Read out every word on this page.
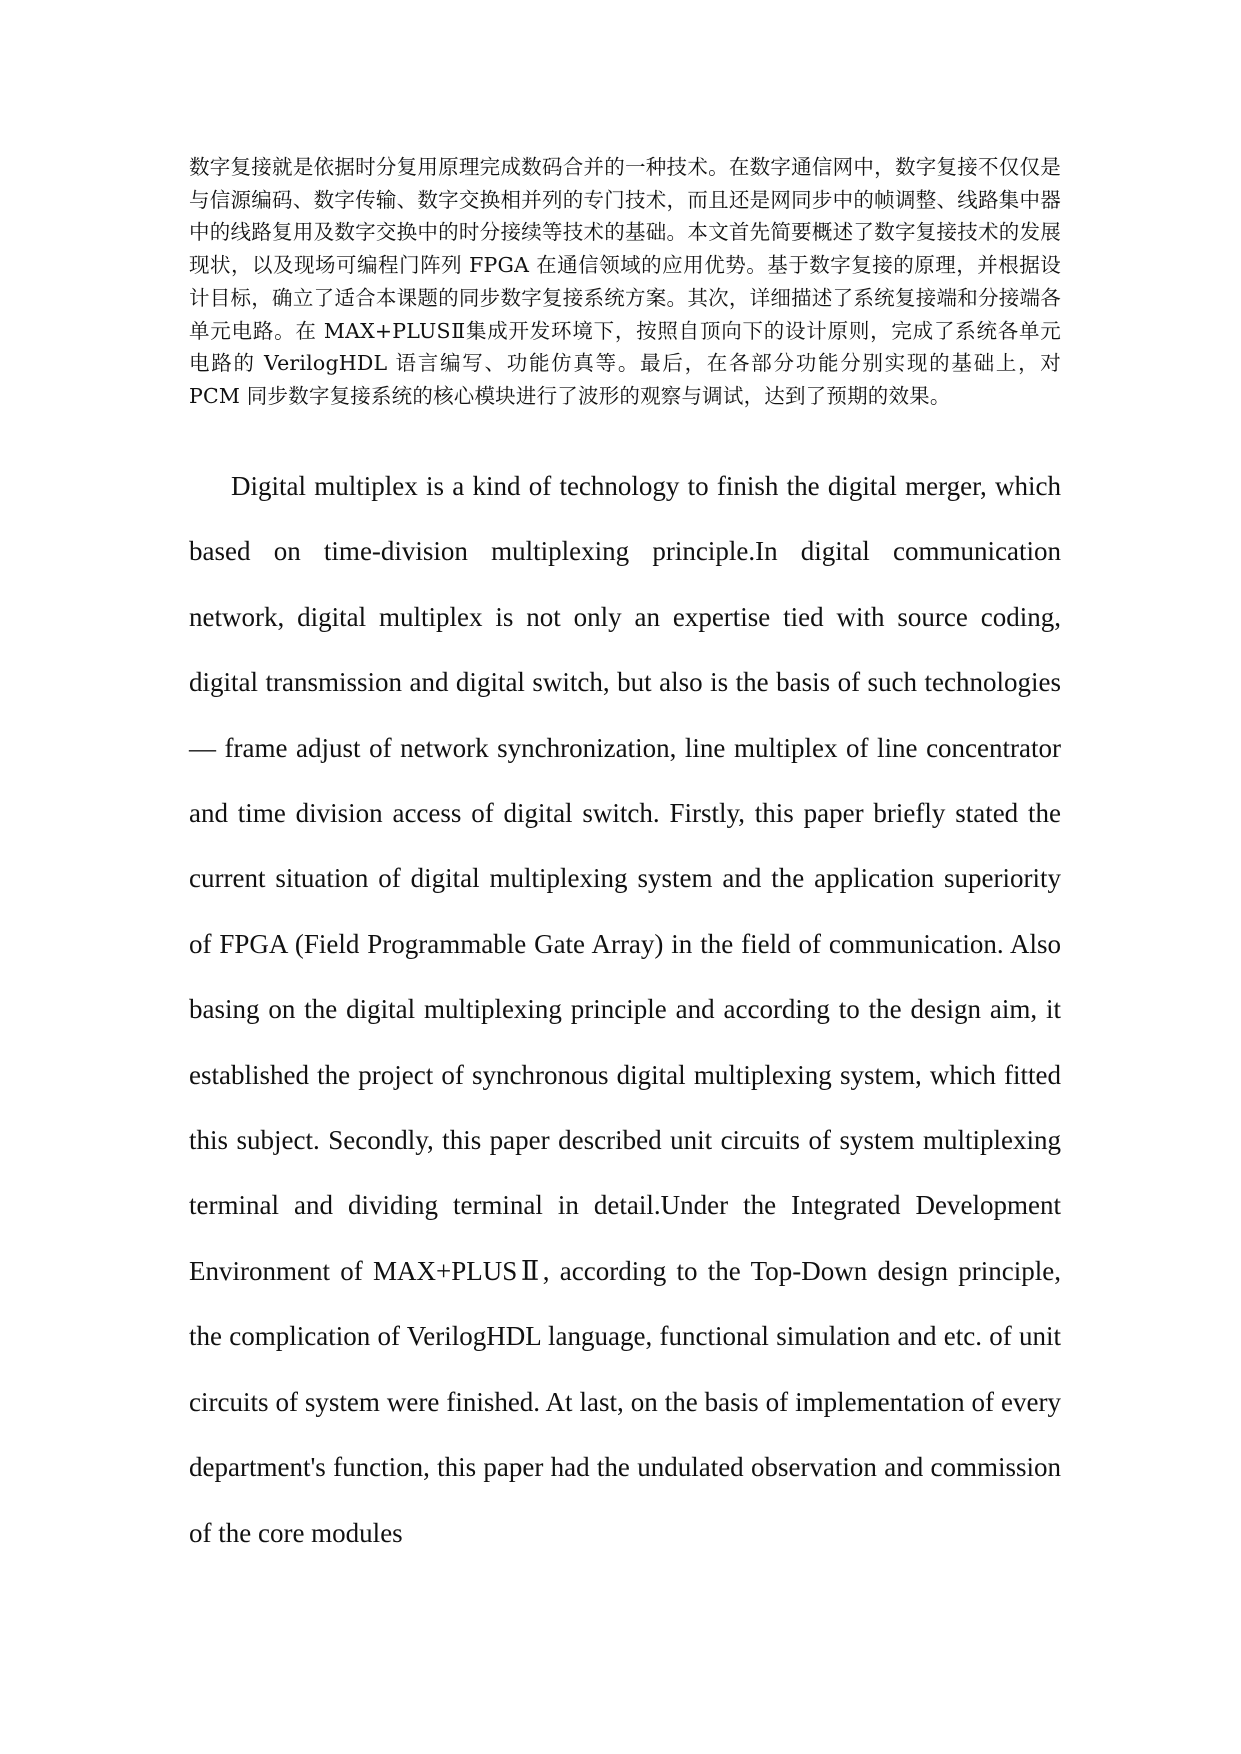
数字复接就是依据时分复用原理完成数码合并的一种技术。在数字通信网中，数字复接不仅仅是与信源编码、数字传输、数字交换相并列的专门技术，而且还是网同步中的帧调整、线路集中器中的线路复用及数字交换中的时分接续等技术的基础。本文首先简要概述了数字复接技术的发展现状，以及现场可编程门阵列 FPGA 在通信领域的应用优势。基于数字复接的原理，并根据设计目标，确立了适合本课题的同步数字复接系统方案。其次，详细描述了系统复接端和分接端各单元电路。在 MAX+PLUSⅡ集成开发环境下，按照自顶向下的设计原则，完成了系统各单元电路的 VerilogHDL 语言编写、功能仿真等。最后，在各部分功能分别实现的基础上，对 PCM 同步数字复接系统的核心模块进行了波形的观察与调试，达到了预期的效果。

Digital multiplex is a kind of technology to finish the digital merger, which based on time-division multiplexing principle.In digital communication network, digital multiplex is not only an expertise tied with source coding, digital transmission and digital switch, but also is the basis of such technologies— frame adjust of network synchronization, line multiplex of line concentrator and time division access of digital switch. Firstly, this paper briefly stated the current situation of digital multiplexing system and the application superiority of FPGA (Field Programmable Gate Array) in the field of communication. Also basing on the digital multiplexing principle and according to the design aim, it established the project of synchronous digital multiplexing system, which fitted this subject. Secondly, this paper described unit circuits of system multiplexing terminal and dividing terminal in detail.Under the Integrated Development Environment of MAX+PLUSⅡ, according to the Top-Down design principle, the complication of VerilogHDL language, functional simulation and etc. of unit circuits of system were finished. At last, on the basis of implementation of every department's function, this paper had the undulated observation and commission of the core modules
